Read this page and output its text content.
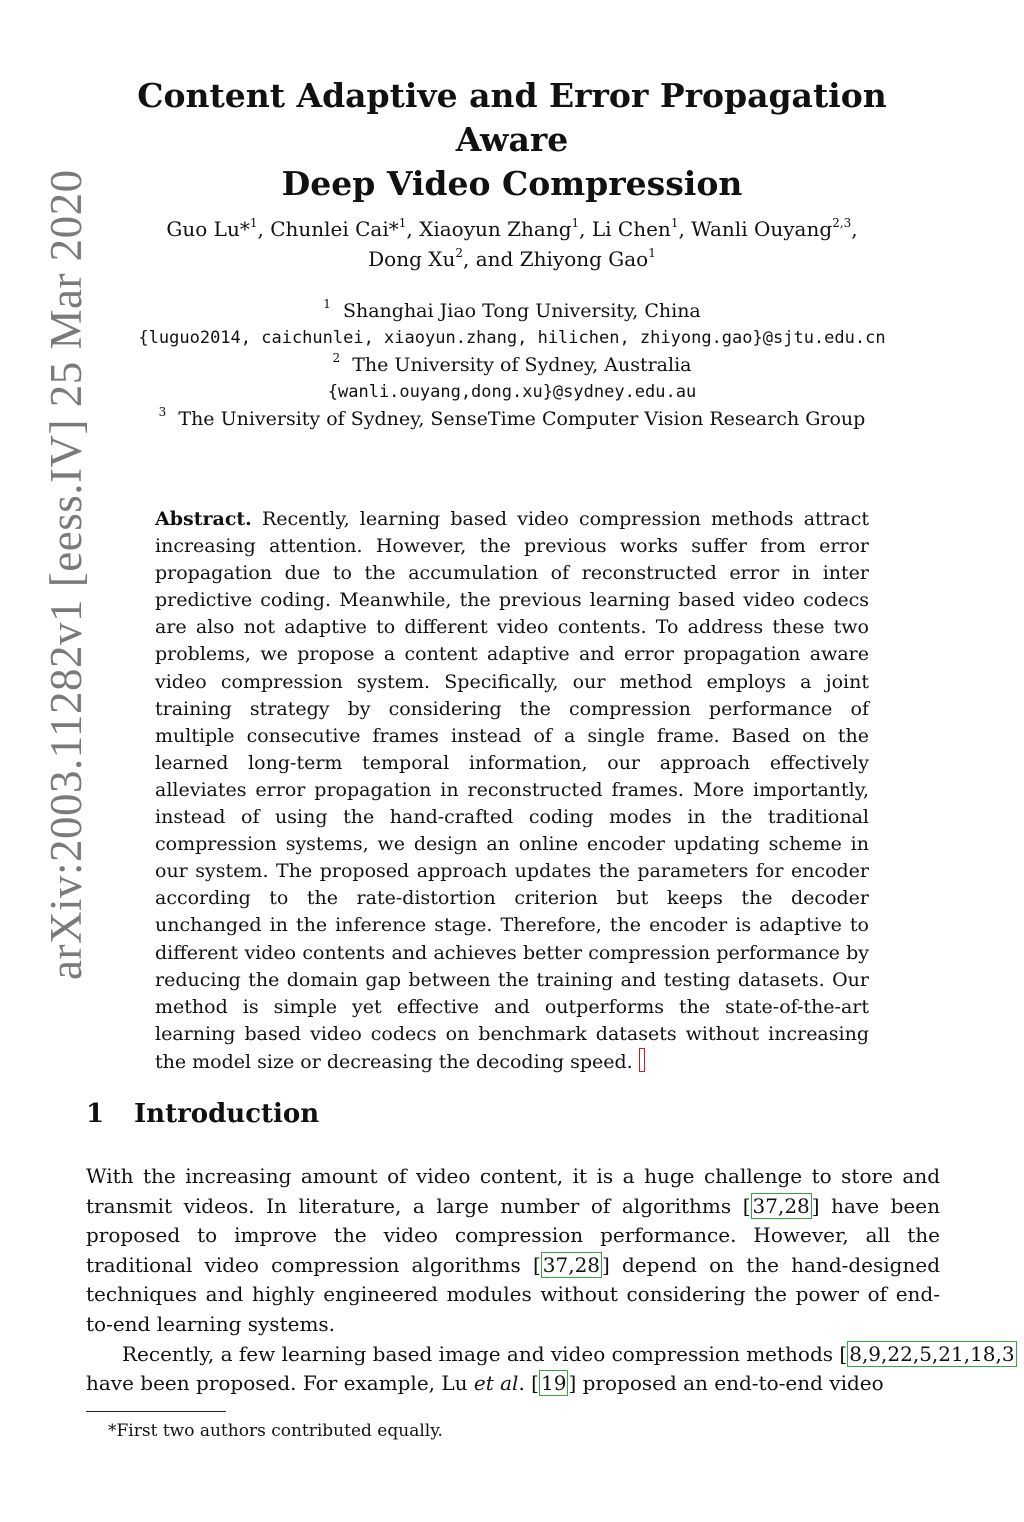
arXiv:2003.11282v1 [eess.IV] 25 Mar 2020
Content Adaptive and Error Propagation Aware
Deep Video Compression
Guo Lu*$^1$, Chunlei Cai*$^1$, Xiaoyun Zhang$^1$, Li Chen$^1$, Wanli Ouyang$^{2,3}$,
Dong Xu$^2$, and Zhiyong Gao$^1$
$^1$ Shanghai Jiao Tong University, China
{luguo2014, caichunlei, xiaoyun.zhang, hilichen, zhiyong.gao}@sjtu.edu.cn
$^2$ The University of Sydney, Australia
{wanli.ouyang,dong.xu}@sydney.edu.au
$^3$ The University of Sydney, SenseTime Computer Vision Research Group
Abstract. Recently, learning based video compression methods attract increasing attention. However, the previous works suffer from error propagation due to the accumulation of reconstructed error in inter predictive coding. Meanwhile, the previous learning based video codecs are also not adaptive to different video contents. To address these two problems, we propose a content adaptive and error propagation aware video compression system. Specifically, our method employs a joint training strategy by considering the compression performance of multiple consecutive frames instead of a single frame. Based on the learned long-term temporal information, our approach effectively alleviates error propagation in reconstructed frames. More importantly, instead of using the hand-crafted coding modes in the traditional compression systems, we design an online encoder updating scheme in our system. The proposed approach updates the parameters for encoder according to the rate-distortion criterion but keeps the decoder unchanged in the inference stage. Therefore, the encoder is adaptive to different video contents and achieves better compression performance by reducing the domain gap between the training and testing datasets. Our method is simple yet effective and outperforms the state-of-the-art learning based video codecs on benchmark datasets without increasing the model size or decreasing the decoding speed.
1 Introduction

With the increasing amount of video content, it is a huge challenge to store and transmit videos. In literature, a large number of algorithms [ 37,28 ] have been proposed to improve the video compression performance. However, all the traditional video compression algorithms [ 37,28 ] depend on the hand-designed techniques and highly engineered modules without considering the power of end-to-end learning systems.

Recently, a few learning based image and video compression methods [ 8,9,22,5,21,18,3
have been proposed. For example, Lu et al. [ 19 ] proposed an end-to-end video

*First two authors contributed equally.
